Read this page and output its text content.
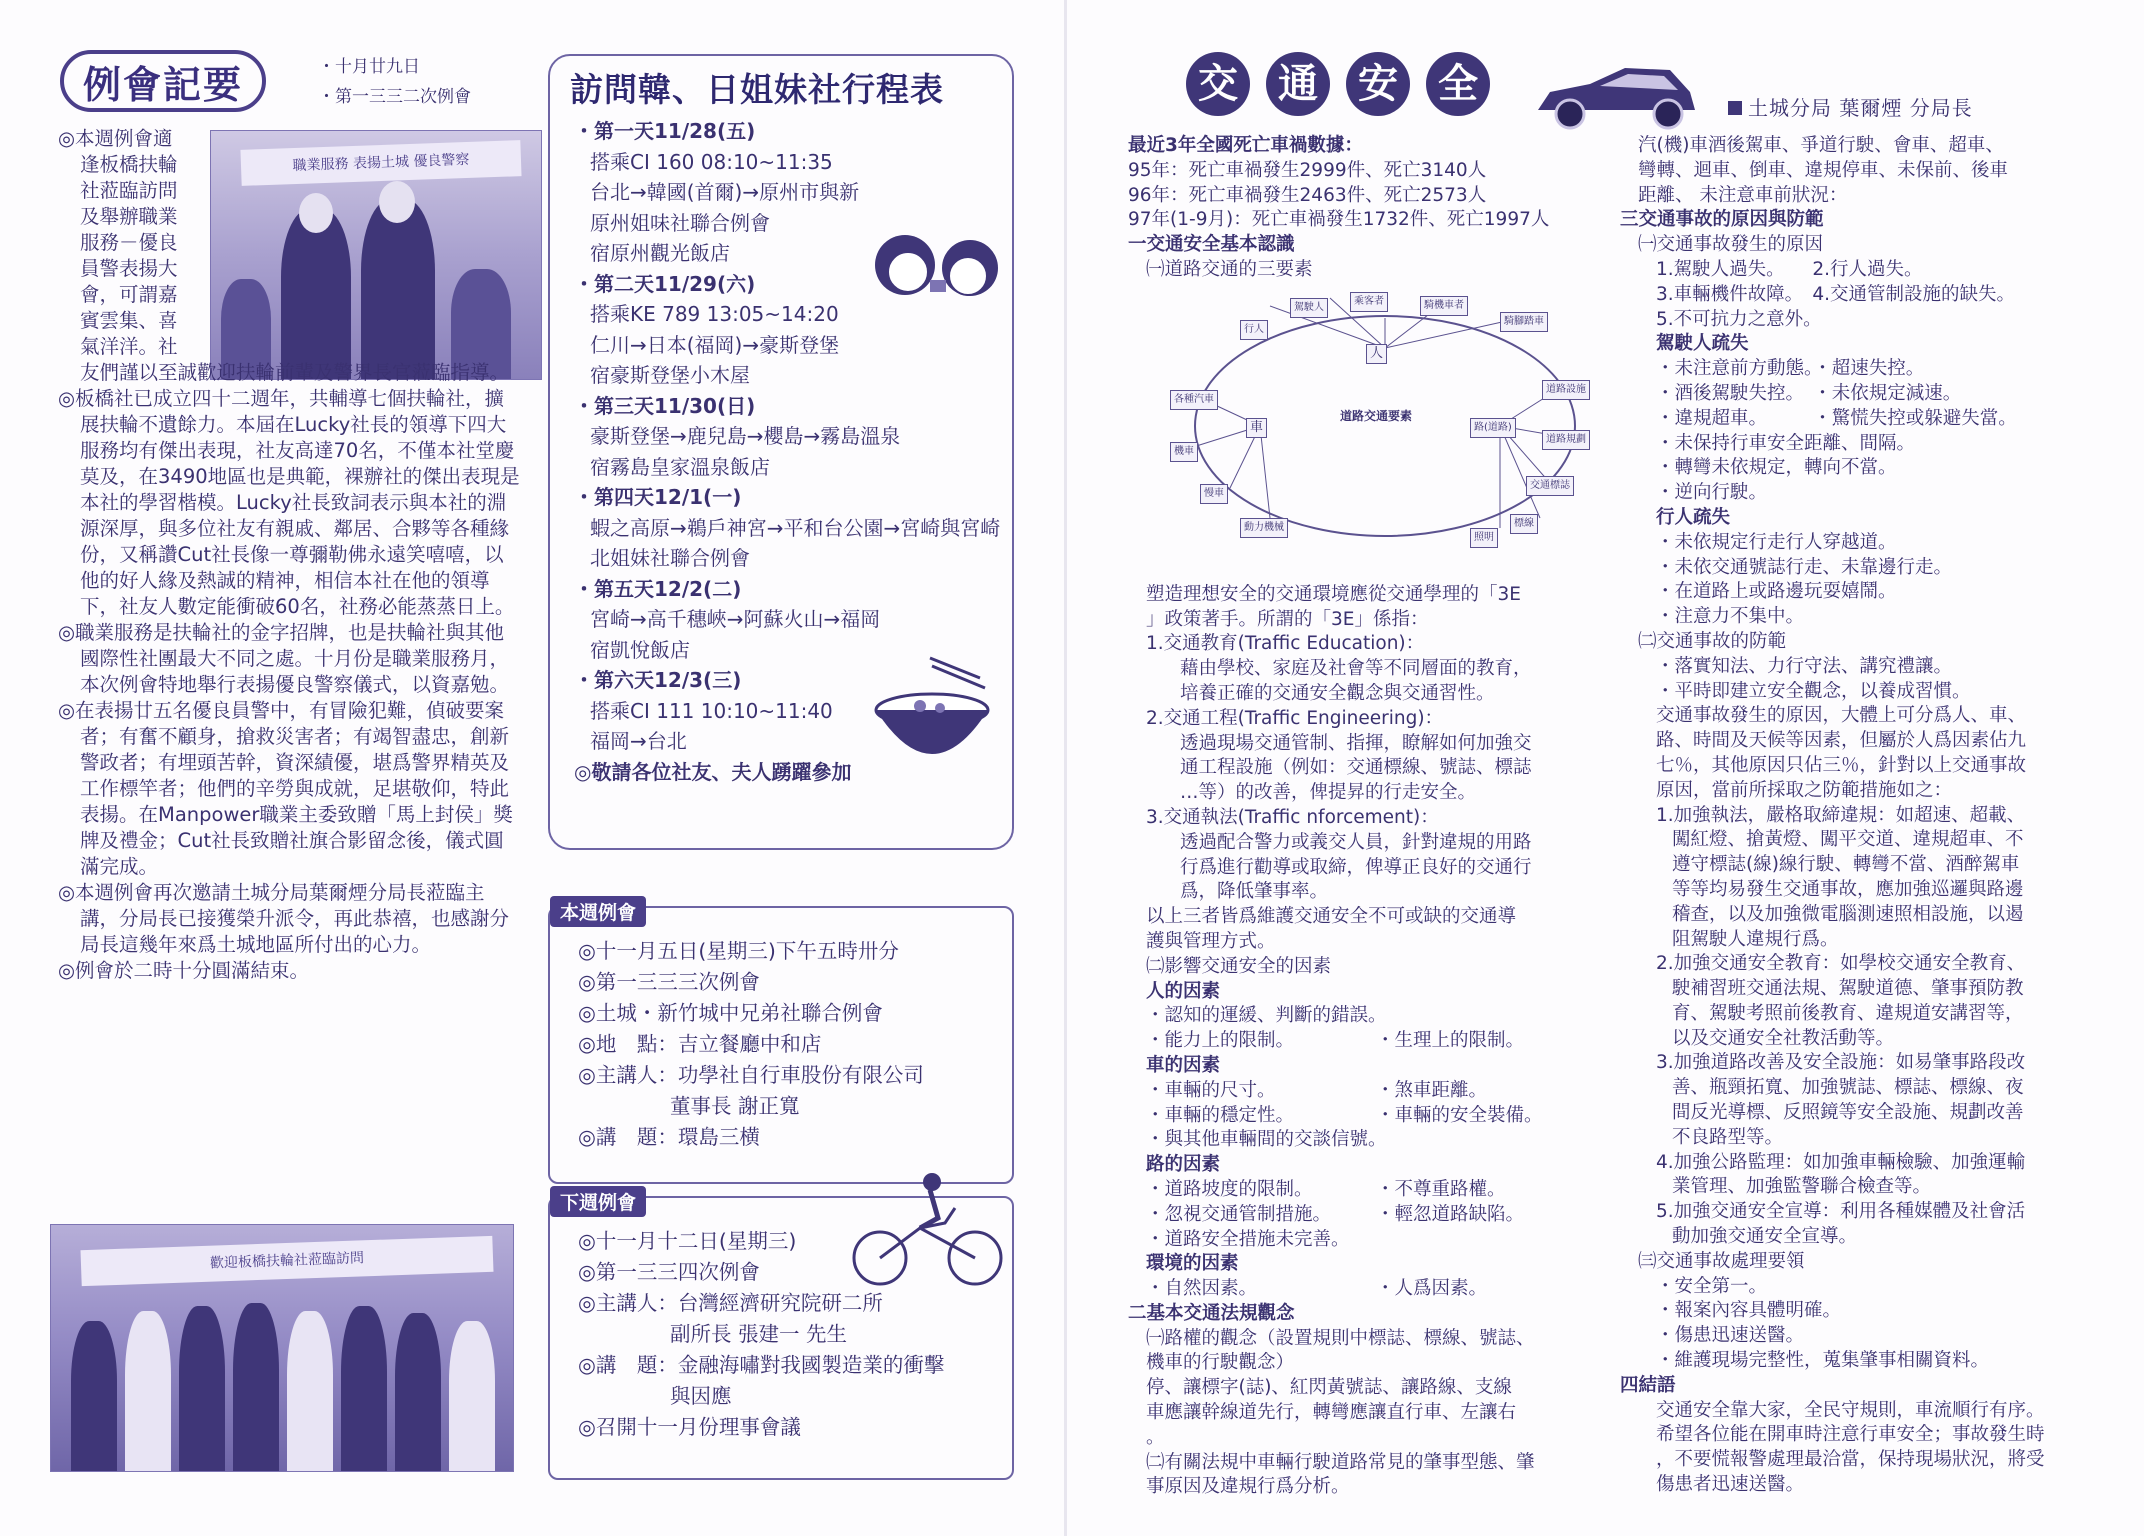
例會記要	・十月廿九日
・第一三三二次例會
職業服務 表揚土城 優良警察
◎本週例會適
逢板橋扶輪
社蒞臨訪問
及舉辦職業
服務－優良
員警表揚大
會，可謂嘉
賓雲集、喜
氣洋洋。社

友們謹以至誠歡迎扶輪前輩及警界長官蒞臨指導。

◎板橋社已成立四十二週年，共輔導七個扶輪社，擴展扶輪不遺餘力。本屆在Lucky社長的領導下四大服務均有傑出表現，社友高達70名，不僅本社堂慶莫及，在3490地區也是典範，裸辦社的傑出表現是本社的學習楷模。Lucky社長致詞表示與本社的淵源深厚，與多位社友有親戚、鄰居、合夥等各種緣份，又稱讚Cut社長像一尊彌勒佛永遠笑嘻嘻，以他的好人緣及熱誠的精神，相信本社在他的領導下，社友人數定能衝破60名，社務必能蒸蒸日上。

◎職業服務是扶輪社的金字招牌，也是扶輪社與其他國際性社團最大不同之處。十月份是職業服務月，本次例會特地舉行表揚優良警察儀式，以資嘉勉。

◎在表揚廿五名優良員警中，有冒險犯難，偵破要案者；有奮不顧身，搶救災害者；有竭智盡忠，創新警政者；有埋頭苦幹，資深績優，堪爲警界精英及工作標竿者；他們的辛勞與成就，足堪敬仰，特此表揚。在Manpower職業主委致贈「馬上封侯」獎牌及禮金；Cut社長致贈社旗合影留念後，儀式圓滿完成。

◎本週例會再次邀請土城分局葉爾煙分局長蒞臨主講，分局長已接獲榮升派令，再此恭禧，也感謝分局長這幾年來爲土城地區所付出的心力。

◎例會於二時十分圓滿結束。

歡迎板橋扶輪社蒞臨訪問
訪問韓、日姐妹社行程表
・第一天11/28(五)
搭乘CI 160 08:10~11:35
台北→韓國(首爾)→原州市與新原州姐味社聯合例會
宿原州觀光飯店
・第二天11/29(六)
搭乘KE 789 13:05~14:20
仁川→日本(福岡)→豪斯登堡
宿豪斯登堡小木屋
・第三天11/30(日)
豪斯登堡→鹿兒島→櫻島→霧島溫泉
宿霧島皇家溫泉飯店
・第四天12/1(一)
蝦之高原→鵜戶神宮→平和台公園→宮崎與宮崎北姐妹社聯合例會
・第五天12/2(二)
宮崎→高千穗峽→阿蘇火山→福岡
宿凱悅飯店
・第六天12/3(三)
搭乘CI 111 10:10~11:40
福岡→台北
◎敬請各位社友、夫人踴躍參加
本週例會
◎十一月五日(星期三)下午五時卅分
◎第一三三三次例會
◎土城・新竹城中兄弟社聯合例會
◎地　點：吉立餐廳中和店
◎主講人：功學社自行車股份有限公司
董事長 謝正寬
◎講　題：環島三横
下週例會
◎十一月十二日(星期三)
◎第一三三四次例會
◎主講人：台灣經濟研究院研二所
副所長 張建一 先生
◎講　題：金融海嘯對我國製造業的衝擊
與因應
◎召開十一月份理事會議
交 通 安 全
土城分局 葉爾煙 分局長
最近3年全國死亡車禍數據：
95年：死亡車禍發生2999件、死亡3140人
96年：死亡車禍發生2463件、死亡2573人
97年(1-9月)：死亡車禍發生1732件、死亡1997人
一交通安全基本認識
㈠道路交通的三要素
塑造理想安全的交通環境應從交通學理的「3E
」政策著手。所謂的「3E」係指：
1.交通教育(Traffic Education)：
藉由學校、家庭及社會等不同層面的教育，
培養正確的交通安全觀念與交通習性。
2.交通工程(Traffic Engineering)：
透過現場交通管制、指揮，瞭解如何加強交
通工程設施（例如：交通標線、號誌、標誌
…等）的改善，俾提昇的行走安全。
3.交通執法(Traffic nforcement)：
透過配合警力或義交人員，針對違規的用路
行爲進行勸導或取締，俾導正良好的交通行
爲，降低肇事率。
以上三者皆爲維護交通安全不可或缺的交通導
護與管理方式。
㈡影響交通安全的因素
人的因素
・認知的運緩、判斷的錯誤。
・能力上的限制。	・生理上的限制。
車的因素
・車輛的尺寸。	・煞車距離。
・車輛的穩定性。	・車輛的安全裝備。
・與其他車輛間的交談信號。
路的因素
・道路坡度的限制。	・不尊重路權。
・忽視交通管制措施。 ・輕忽道路缺陷。
・道路安全措施未完善。
環境的因素
・自然因素。	・人爲因素。
二基本交通法規觀念
㈠路權的觀念（設置規則中標誌、標線、號誌、
機車的行駛觀念）
停、讓標字(誌)、紅閃黃號誌、讓路線、支線
車應讓幹線道先行，轉彎應讓直行車、左讓右
。
㈡有關法規中車輛行駛道路常見的肇事型態、肇
事原因及違規行爲分析。
行人
駕駛人
乘客者	騎機車者
騎腳踏車
人
各種汽車
車	路(道路)
道路設施
道路規劃
交通標誌
標線
機車
慢車
動力機械
照明
道路交通要素
汽(機)車酒後駕車、爭道行駛、會車、超車、
彎轉、迴車、倒車、違規停車、未保前、後車
距離、 未注意車前狀況：
三交通事故的原因與防範
㈠交通事故發生的原因
1.駕駛人過失。　　2.行人過失。
3.車輛機件故障。　4.交通管制設施的缺失。
5.不可抗力之意外。
駕駛人疏失
・未注意前方動態。・超速失控。
・酒後駕駛失控。　・未依規定減速。
・違規超車。　　　・驚慌失控或躲避失當。
・未保持行車安全距離、間隔。
・轉彎未依規定，轉向不當。
・逆向行駛。
行人疏失
・未依規定行走行人穿越道。
・未依交通號誌行走、未靠邊行走。
・在道路上或路邊玩耍嬉鬧。
・注意力不集中。
㈡交通事故的防範
・落實知法、力行守法、講究禮讓。
・平時即建立安全觀念，以養成習慣。
交通事故發生的原因，大體上可分爲人、車、
路、時間及天候等因素，但屬於人爲因素佔九
七％，其他原因只佔三％，針對以上交通事故
原因，當前所採取之防範措施如之：
1.加強執法，嚴格取締違規：如超速、超載、
闖紅燈、搶黃燈、闖平交道、違規超車、不
遵守標誌(線)線行駛、轉彎不當、酒醉駕車
等等均易發生交通事故，應加強巡邏與路邊
稽查，以及加強微電腦測速照相設施，以遏
阻駕駛人違規行爲。
2.加強交通安全教育：如學校交通安全教育、
駛補習班交通法規、駕駛道德、肇事預防教
育、駕駛考照前後教育、違規道安講習等，
以及交通安全社教活動等。
3.加強道路改善及安全設施：如易肇事路段改
善、瓶頸拓寬、加強號誌、標誌、標線、夜
間反光導標、反照鏡等安全設施、規劃改善
不良路型等。
4.加強公路監理：如加強車輛檢驗、加強運輸
業管理、加強監警聯合檢查等。
5.加強交通安全宣導：利用各種媒體及社會活
動加強交通安全宣導。
㈢交通事故處理要領
・安全第一。
・報案內容具體明確。
・傷患迅速送醫。
・維護現場完整性，蒐集肇事相關資料。
四結語
交通安全靠大家，全民守規則，車流順行有序。
希望各位能在開車時注意行車安全；事故發生時
，不要慌報警處理最洽當，保持現場狀況，將受
傷患者迅速送醫。
